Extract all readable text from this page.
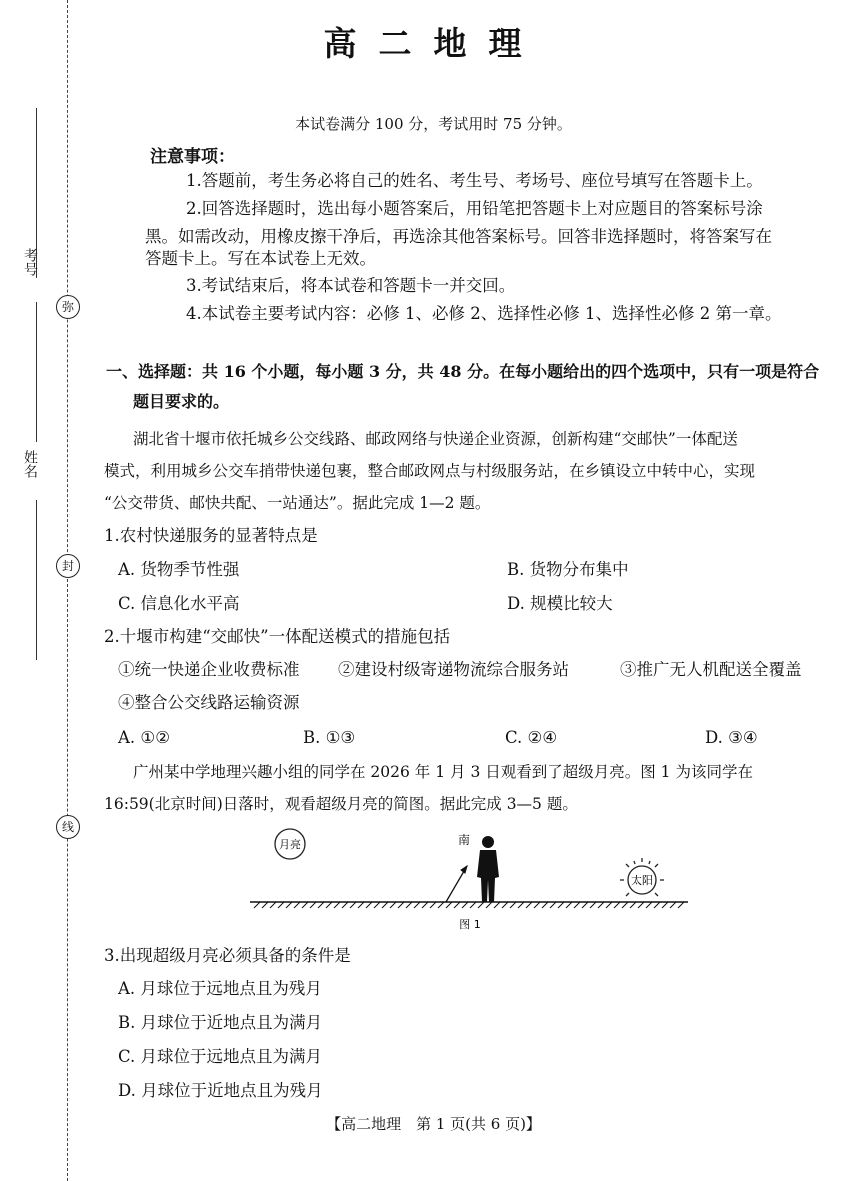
考号
姓名
弥
封
线
高二地理
本试卷满分 100 分，考试用时 75 分钟。
注意事项：
1.答题前，考生务必将自己的姓名、考生号、考场号、座位号填写在答题卡上。
2.回答选择题时，选出每小题答案后，用铅笔把答题卡上对应题目的答案标号涂
黑。如需改动，用橡皮擦干净后，再选涂其他答案标号。回答非选择题时，将答案写在
答题卡上。写在本试卷上无效。
3.考试结束后，将本试卷和答题卡一并交回。
4.本试卷主要考试内容：必修 1、必修 2、选择性必修 1、选择性必修 2 第一章。
一、选择题：共 16 个小题，每小题 3 分，共 48 分。在每小题给出的四个选项中，只有一项是符合
题目要求的。
湖北省十堰市依托城乡公交线路、邮政网络与快递企业资源，创新构建“交邮快”一体配送
模式，利用城乡公交车捎带快递包裹，整合邮政网点与村级服务站，在乡镇设立中转中心，实现
“公交带货、邮快共配、一站通达”。据此完成 1—2 题。
1.农村快递服务的显著特点是
A. 货物季节性强	B. 货物分布集中
C. 信息化水平高	D. 规模比较大
2.十堰市构建“交邮快”一体配送模式的措施包括
①统一快递企业收费标准 ②建设村级寄递物流综合服务站	③推广无人机配送全覆盖
④整合公交线路运输资源
A. ①②	B. ①③	C. ②④	D. ③④
广州某中学地理兴趣小组的同学在 2026 年 1 月 3 日观看到了超级月亮。图 1 为该同学在
16:59(北京时间)日落时，观看超级月亮的简图。据此完成 3—5 题。
月亮	南
太阳
图 1
3.出现超级月亮必须具备的条件是
A. 月球位于远地点且为残月
B. 月球位于近地点且为满月
C. 月球位于远地点且为满月
D. 月球位于近地点且为残月
【高二地理　第 1 页(共 6 页)】
